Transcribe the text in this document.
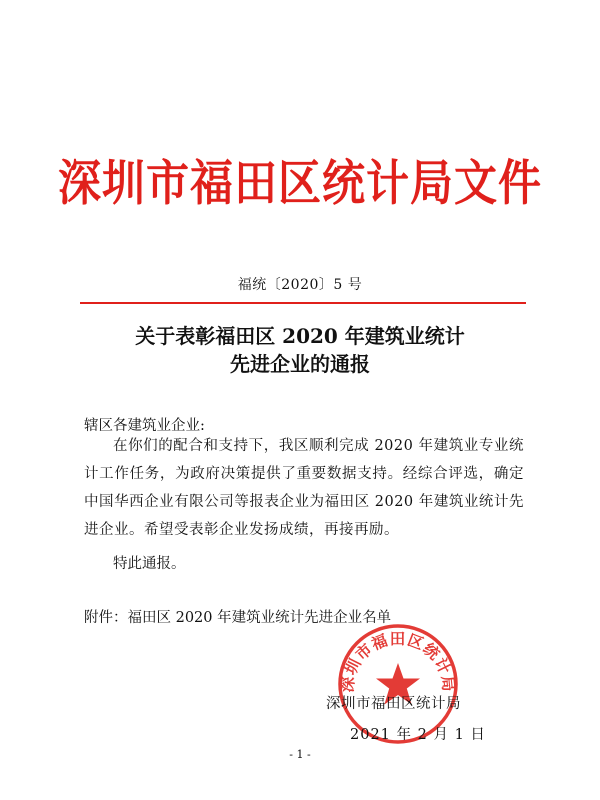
深圳市福田区统计局文件
福统〔2020〕5 号
关于表彰福田区 2020 年建筑业统计
先进企业的通报
辖区各建筑业企业:

在你们的配合和支持下，我区顺利完成 2020 年建筑业专业统计工作任务，为政府决策提供了重要数据支持。经综合评选，确定中国华西企业有限公司等报表企业为福田区 2020 年建筑业统计先进企业。希望受表彰企业发扬成绩，再接再励。

特此通报。
附件：福田区 2020 年建筑业统计先进企业名单
深圳市福田区统计局
深圳市福田区统计局
2021 年 2 月 1 日
- 1 -
